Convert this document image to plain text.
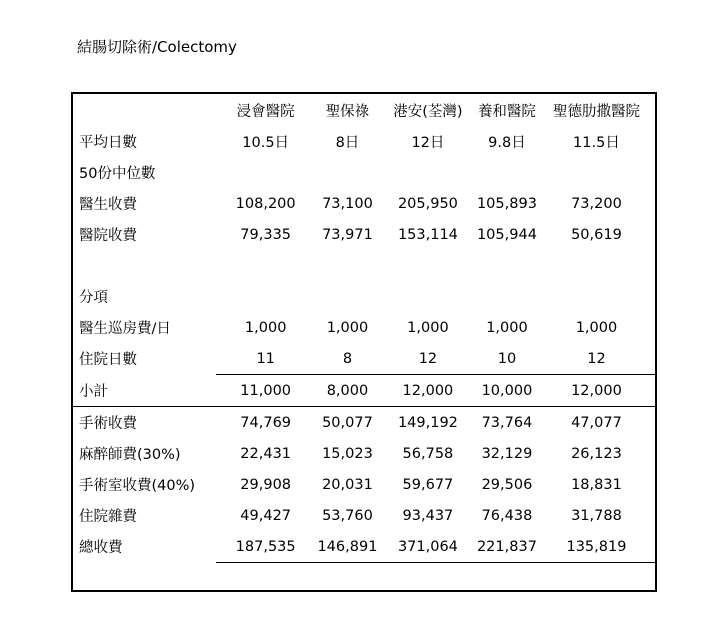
結腸切除術/Colectomy
	浸會醫院	聖保祿	港安(荃灣)	養和醫院	聖德肋撒醫院
平均日數	10.5日	8日	12日	9.8日	11.5日
50份中位數					
醫生收費	108,200	73,100	205,950	105,893	73,200
醫院收費	79,335	73,971	153,114	105,944	50,619

分項					
醫生巡房費/日	1,000	1,000	1,000	1,000	1,000
住院日數	11	8	12	10	12
小計	11,000	8,000	12,000	10,000	12,000
手術收費	74,769	50,077	149,192	73,764	47,077
麻醉師費(30%)	22,431	15,023	56,758	32,129	26,123
手術室收費(40%)	29,908	20,031	59,677	29,506	18,831
住院雜費	49,427	53,760	93,437	76,438	31,788
總收費	187,535	146,891	371,064	221,837	135,819
